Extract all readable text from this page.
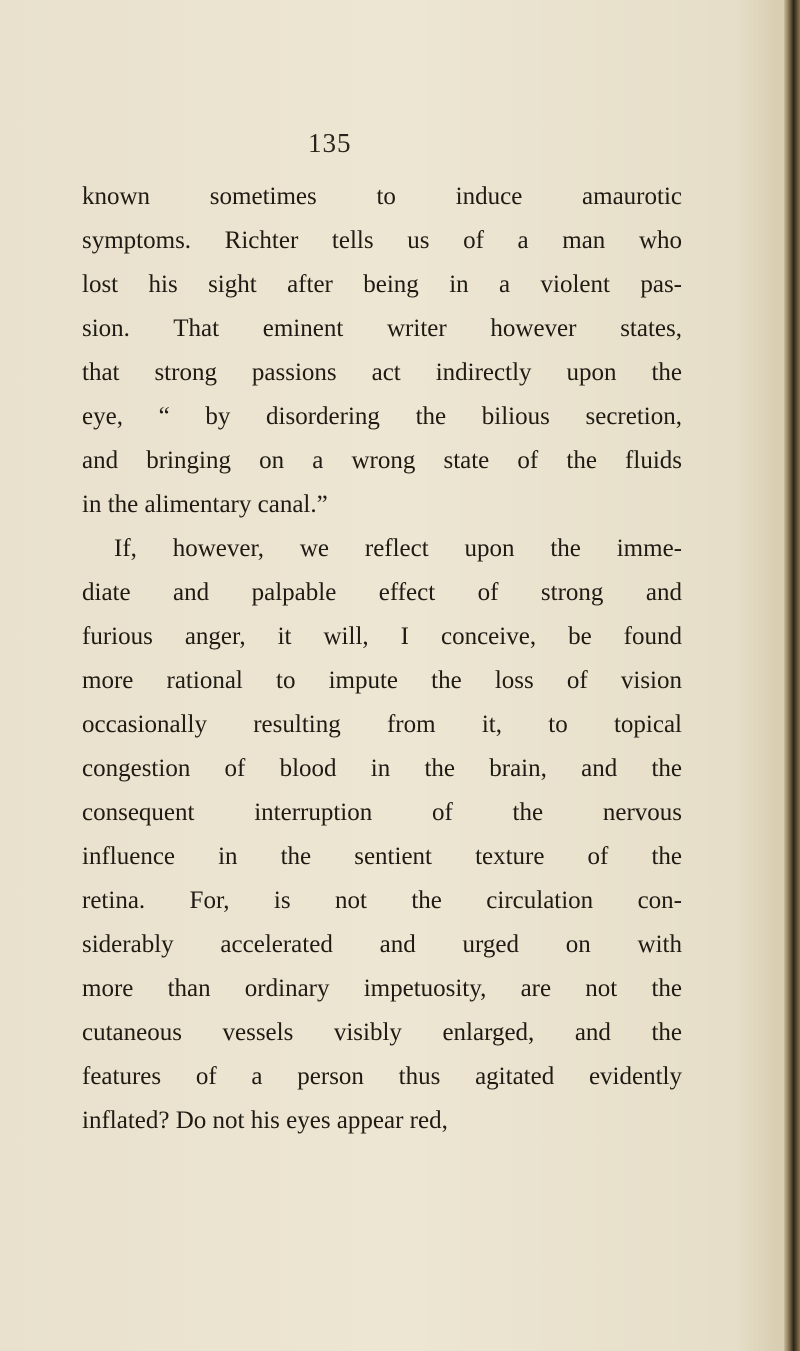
135
known sometimes to induce amaurotic
symptoms. Richter tells us of a man who
lost his sight after being in a violent pas-
sion. That eminent writer however states,
that strong passions act indirectly upon the
eye, “ by disordering the bilious secretion,
and bringing on a wrong state of the fluids
in the alimentary canal.”
If, however, we reflect upon the imme-
diate and palpable effect of strong and
furious anger, it will, I conceive, be found
more rational to impute the loss of vision
occasionally resulting from it, to topical
congestion of blood in the brain, and the
consequent interruption of the nervous
influence in the sentient texture of the
retina. For, is not the circulation con-
siderably accelerated and urged on with
more than ordinary impetuosity, are not the
cutaneous vessels visibly enlarged, and the
features of a person thus agitated evidently
inflated? Do not his eyes appear red,
